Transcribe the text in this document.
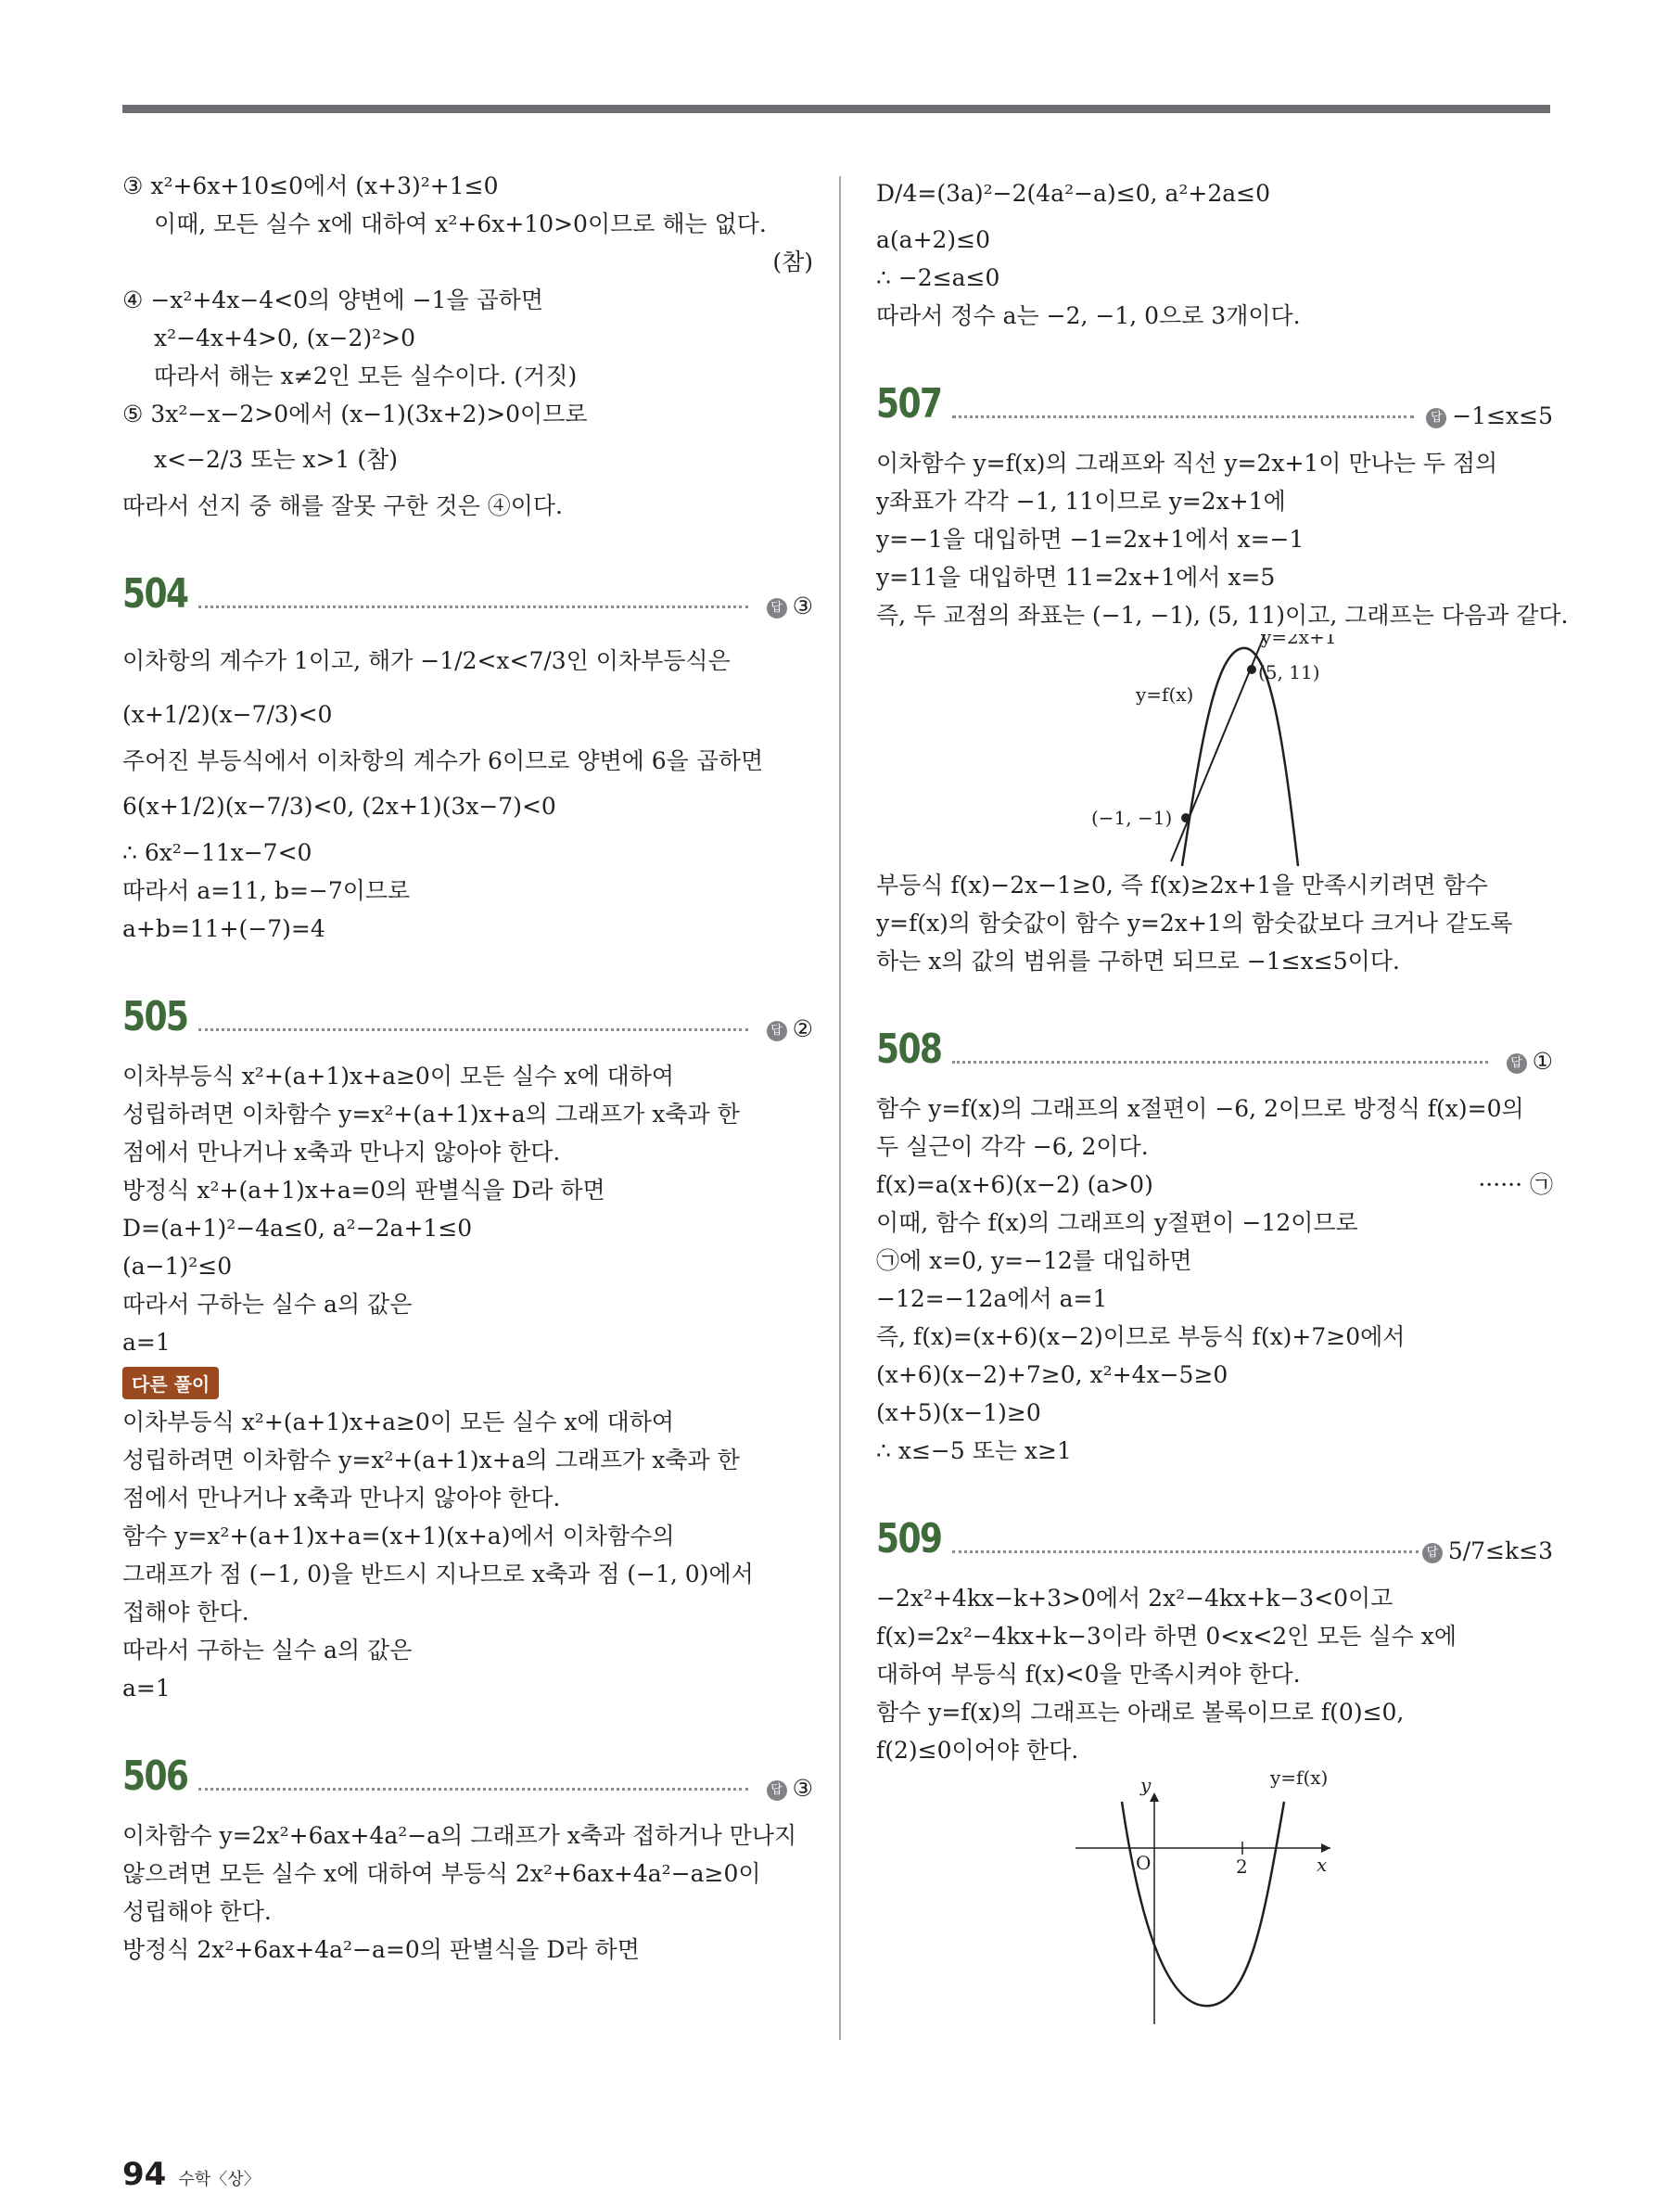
③ x²+6x+10≤0에서 (x+3)²+1≤0
이때, 모든 실수 x에 대하여 x²+6x+10>0이므로 해는 없다.
(참)
④ −x²+4x−4<0의 양변에 −1을 곱하면
x²−4x+4>0, (x−2)²>0
따라서 해는 x≠2인 모든 실수이다. (거짓)
⑤ 3x²−x−2>0에서 (x−1)(3x+2)>0이므로
x<−2/3 또는 x>1 (참)
따라서 선지 중 해를 잘못 구한 것은 ④이다.
504	답 ③
이차항의 계수가 1이고, 해가 −1/2<x<7/3인 이차부등식은
(x+1/2)(x−7/3)<0
주어진 부등식에서 이차항의 계수가 6이므로 양변에 6을 곱하면
6(x+1/2)(x−7/3)<0, (2x+1)(3x−7)<0
∴ 6x²−11x−7<0
따라서 a=11, b=−7이므로
a+b=11+(−7)=4
505	답 ②
이차부등식 x²+(a+1)x+a≥0이 모든 실수 x에 대하여
성립하려면 이차함수 y=x²+(a+1)x+a의 그래프가 x축과 한
점에서 만나거나 x축과 만나지 않아야 한다.
방정식 x²+(a+1)x+a=0의 판별식을 D라 하면
D=(a+1)²−4a≤0, a²−2a+1≤0
(a−1)²≤0
따라서 구하는 실수 a의 값은
a=1
다른 풀이
이차부등식 x²+(a+1)x+a≥0이 모든 실수 x에 대하여
성립하려면 이차함수 y=x²+(a+1)x+a의 그래프가 x축과 한
점에서 만나거나 x축과 만나지 않아야 한다.
함수 y=x²+(a+1)x+a=(x+1)(x+a)에서 이차함수의
그래프가 점 (−1, 0)을 반드시 지나므로 x축과 점 (−1, 0)에서
접해야 한다.
따라서 구하는 실수 a의 값은
a=1
506	답 ③
이차함수 y=2x²+6ax+4a²−a의 그래프가 x축과 접하거나 만나지
않으려면 모든 실수 x에 대하여 부등식 2x²+6ax+4a²−a≥0이
성립해야 한다.
방정식 2x²+6ax+4a²−a=0의 판별식을 D라 하면
D/4=(3a)²−2(4a²−a)≤0, a²+2a≤0
a(a+2)≤0
∴ −2≤a≤0
따라서 정수 a는 −2, −1, 0으로 3개이다.
507	답 −1≤x≤5
이차함수 y=f(x)의 그래프와 직선 y=2x+1이 만나는 두 점의
y좌표가 각각 −1, 11이므로 y=2x+1에
y=−1을 대입하면 −1=2x+1에서 x=−1
y=11을 대입하면 11=2x+1에서 x=5
즉, 두 교점의 좌표는 (−1, −1), (5, 11)이고, 그래프는 다음과 같다.
y=2x+1
y=f(x)
(5, 11)
(−1, −1)
부등식 f(x)−2x−1≥0, 즉 f(x)≥2x+1을 만족시키려면 함수
y=f(x)의 함숫값이 함수 y=2x+1의 함숫값보다 크거나 같도록
하는 x의 값의 범위를 구하면 되므로 −1≤x≤5이다.
508	답 ①
함수 y=f(x)의 그래프의 x절편이 −6, 2이므로 방정식 f(x)=0의
두 실근이 각각 −6, 2이다.
f(x)=a(x+6)(x−2) (a>0)	······ ㉠
이때, 함수 f(x)의 그래프의 y절편이 −12이므로
㉠에 x=0, y=−12를 대입하면
−12=−12a에서 a=1
즉, f(x)=(x+6)(x−2)이므로 부등식 f(x)+7≥0에서
(x+6)(x−2)+7≥0, x²+4x−5≥0
(x+5)(x−1)≥0
∴ x≤−5 또는 x≥1
509	답 5/7≤k≤3
−2x²+4kx−k+3>0에서 2x²−4kx+k−3<0이고
f(x)=2x²−4kx+k−3이라 하면 0<x<2인 모든 실수 x에
대하여 부등식 f(x)<0을 만족시켜야 한다.
함수 y=f(x)의 그래프는 아래로 볼록이므로 f(0)≤0,
f(2)≤0이어야 한다.
y
x
O	2
y=f(x)
94 수학〈상〉
